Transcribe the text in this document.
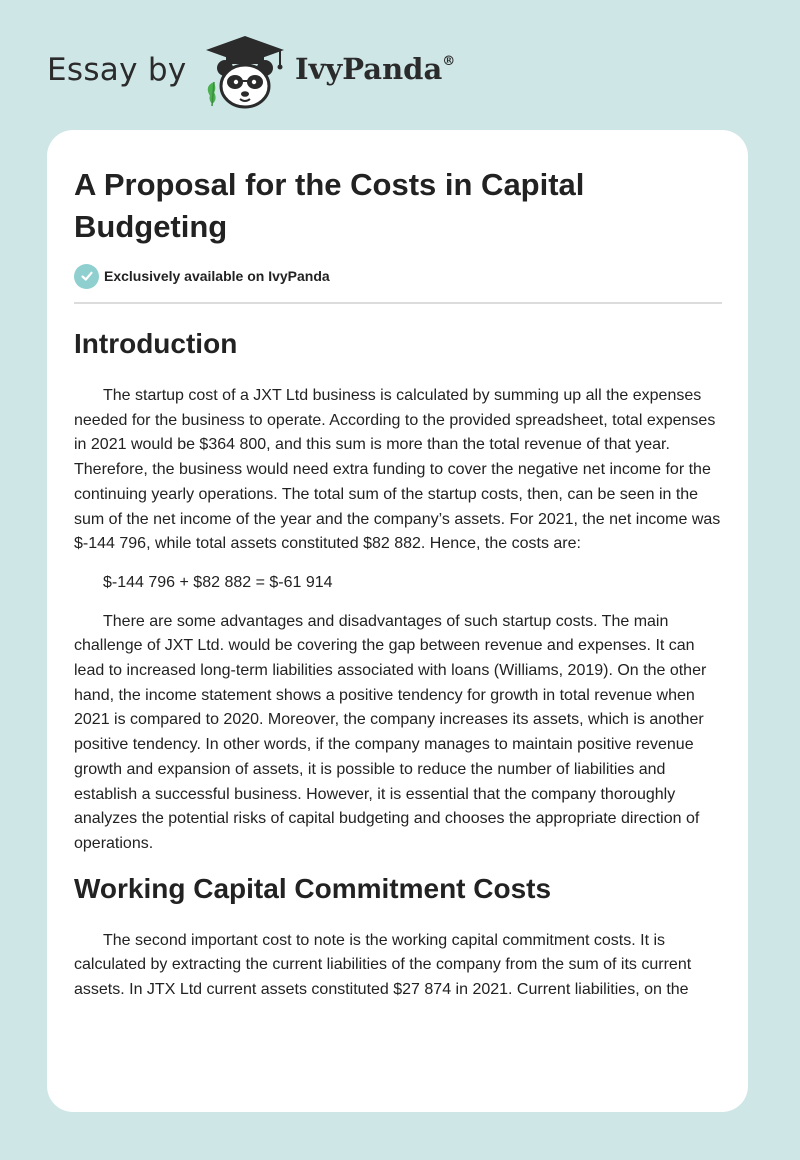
Essay by	IvyPanda®
A Proposal for the Costs in Capital Budgeting
Exclusively available on IvyPanda
Introduction

The startup cost of a JXT Ltd business is calculated by summing up all the expenses needed for the business to operate. According to the provided spreadsheet, total expenses in 2021 would be $364 800, and this sum is more than the total revenue of that year. Therefore, the business would need extra funding to cover the negative net income for the continuing yearly operations. The total sum of the startup costs, then, can be seen in the sum of the net income of the year and the company’s assets. For 2021, the net income was $-144 796, while total assets constituted $82 882. Hence, the costs are:

$-144 796 + $82 882 = $-61 914

There are some advantages and disadvantages of such startup costs. The main challenge of JXT Ltd. would be covering the gap between revenue and expenses. It can lead to increased long-term liabilities associated with loans (Williams, 2019). On the other hand, the income statement shows a positive tendency for growth in total revenue when 2021 is compared to 2020. Moreover, the company increases its assets, which is another positive tendency. In other words, if the company manages to maintain positive revenue growth and expansion of assets, it is possible to reduce the number of liabilities and establish a successful business. However, it is essential that the company thoroughly analyzes the potential risks of capital budgeting and chooses the appropriate direction of operations.

Working Capital Commitment Costs

The second important cost to note is the working capital commitment costs. It is calculated by extracting the current liabilities of the company from the sum of its current assets. In JTX Ltd current assets constituted $27 874 in 2021. Current liabilities, on the
